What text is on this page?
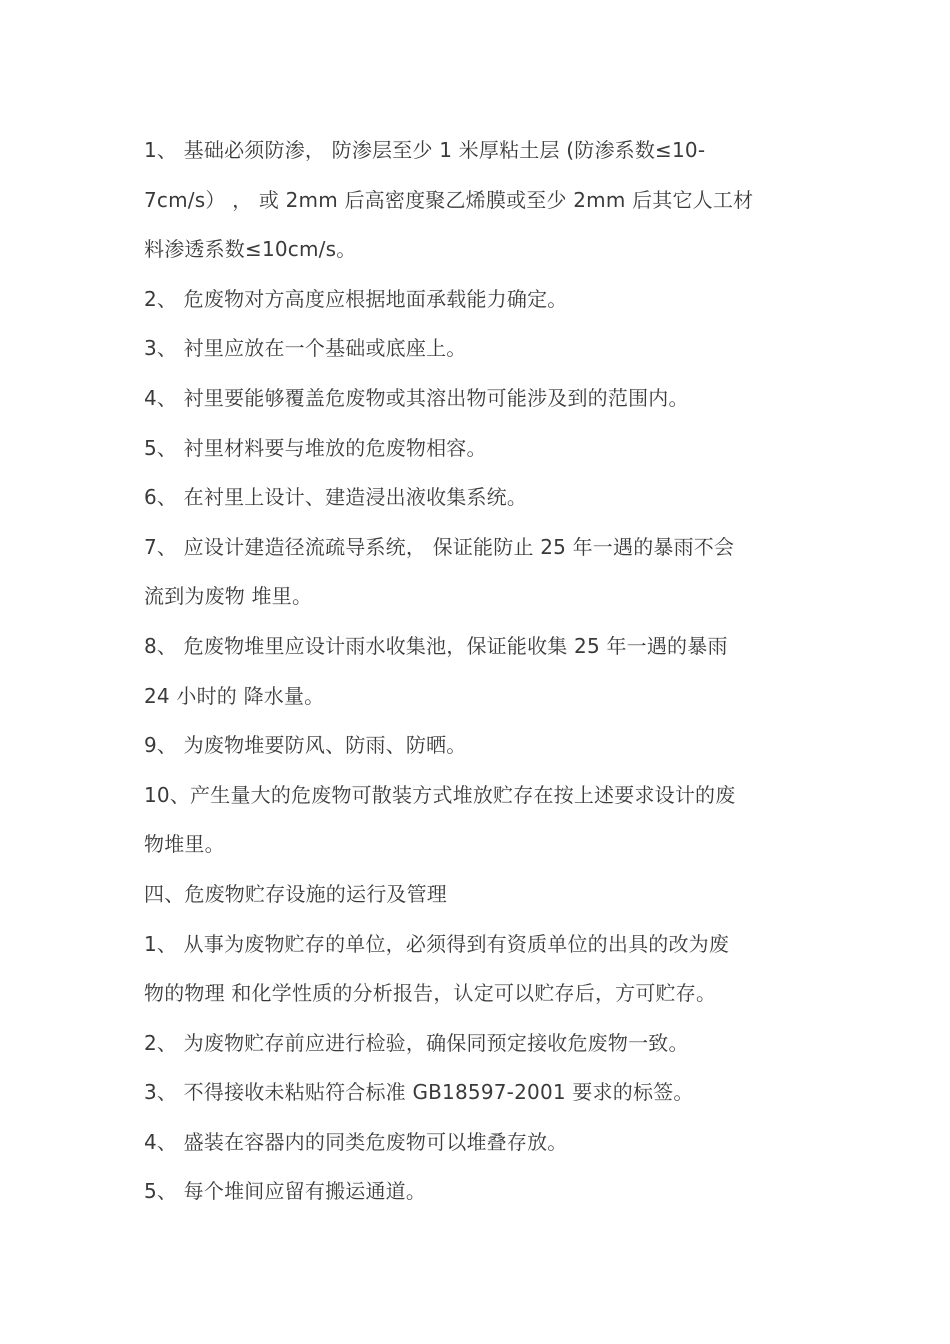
1、 基础必须防渗， 防渗层至少 1 米厚粘土层 (防渗系数≤10-
7cm/s） ， 或 2mm 后高密度聚乙烯膜或至少 2mm 后其它人工材
料渗透系数≤10cm/s。
2、 危废物对方高度应根据地面承载能力确定。
3、 衬里应放在一个基础或底座上。
4、 衬里要能够覆盖危废物或其溶出物可能涉及到的范围内。
5、 衬里材料要与堆放的危废物相容。
6、 在衬里上设计、建造浸出液收集系统。
7、 应设计建造径流疏导系统， 保证能防止 25 年一遇的暴雨不会
流到为废物 堆里。
8、 危废物堆里应设计雨水收集池，保证能收集 25 年一遇的暴雨
24 小时的 降水量。
9、 为废物堆要防风、防雨、防晒。
10、产生量大的危废物可散装方式堆放贮存在按上述要求设计的废
物堆里。
四、危废物贮存设施的运行及管理
1、 从事为废物贮存的单位，必须得到有资质单位的出具的改为废
物的物理 和化学性质的分析报告，认定可以贮存后，方可贮存。
2、 为废物贮存前应进行检验，确保同预定接收危废物一致。
3、 不得接收未粘贴符合标准 GB18597-2001 要求的标签。
4、 盛装在容器内的同类危废物可以堆叠存放。
5、 每个堆间应留有搬运通道。
